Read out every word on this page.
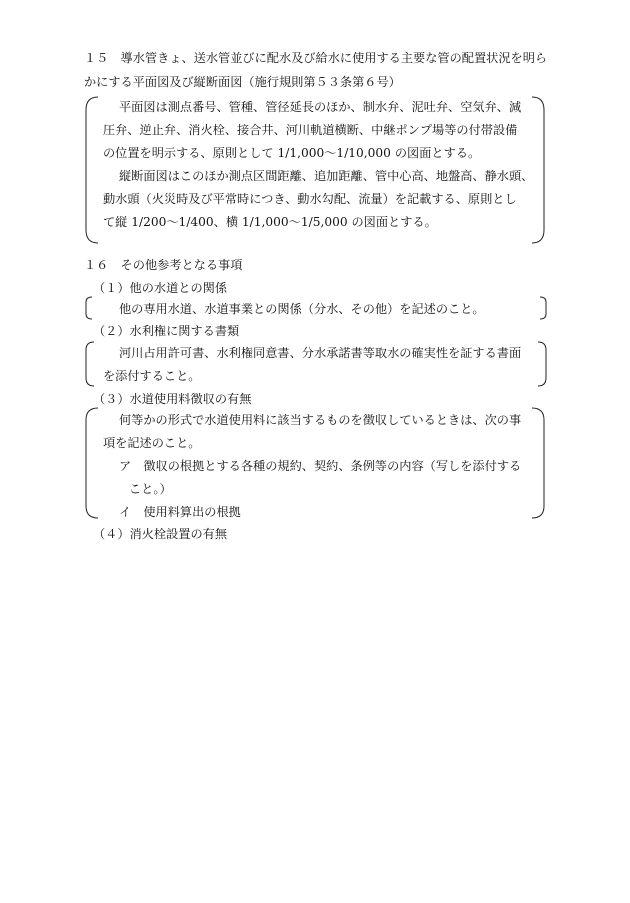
１５　導水管きょ、送水管並びに配水及び給水に使用する主要な管の配置状況を明ら
かにする平面図及び縦断面図（施行規則第５３条第６号）
平面図は測点番号、管種、管径延長のほか、制水弁、泥吐弁、空気弁、減
圧弁、逆止弁、消火栓、接合井、河川軌道横断、中継ポンプ場等の付帯設備
の位置を明示する、原則として 1/1,000～1/10,000 の図面とする。
縦断面図はこのほか測点区間距離、追加距離、管中心高、地盤高、静水頭、
動水頭（火災時及び平常時につき、動水勾配、流量）を記載する、原則とし
て縦 1/200～1/400、横 1/1,000～1/5,000 の図面とする。
１６　その他参考となる事項
（１）他の水道との関係
他の専用水道、水道事業との関係（分水、その他）を記述のこと。
（２）水利権に関する書類
河川占用許可書、水利権同意書、分水承諾書等取水の確実性を証する書面
を添付すること。
（３）水道使用料徴収の有無
何等かの形式で水道使用料に該当するものを徴収しているときは、次の事
項を記述のこと。
ア　徴収の根拠とする各種の規約、契約、条例等の内容（写しを添付する
こと。）
イ　使用料算出の根拠
（４）消火栓設置の有無
